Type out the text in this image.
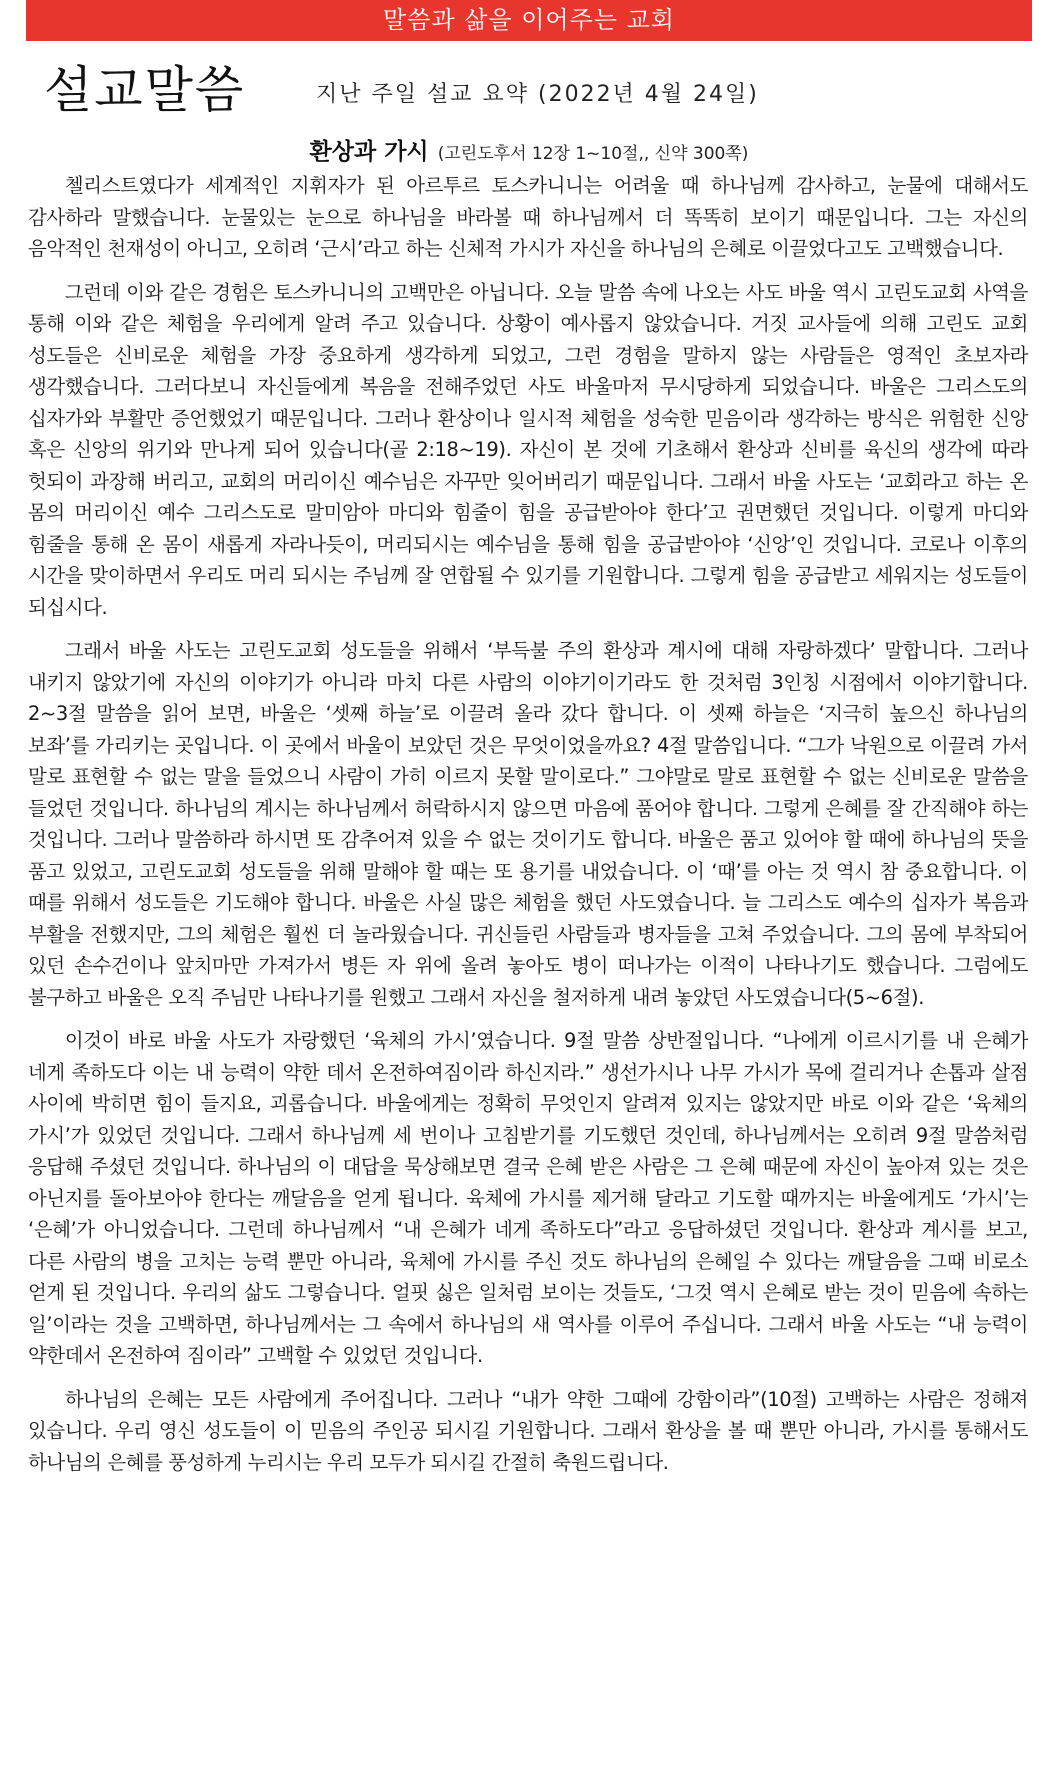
말씀과 삶을 이어주는 교회
설교말씀	지난 주일 설교 요약 (2022년 4월 24일)
환상과 가시 (고린도후서 12장 1~10절,, 신약 300쪽)

첼리스트였다가 세계적인 지휘자가 된 아르투르 토스카니니는 어려울 때 하나님께 감사하고, 눈물에 대해서도 감사하라 말했습니다. 눈물있는 눈으로 하나님을 바라볼 때 하나님께서 더 똑똑히 보이기 때문입니다. 그는 자신의 음악적인 천재성이 아니고, 오히려 ‘근시’라고 하는 신체적 가시가 자신을 하나님의 은혜로 이끌었다고도 고백했습니다.

그런데 이와 같은 경험은 토스카니니의 고백만은 아닙니다. 오늘 말씀 속에 나오는 사도 바울 역시 고린도교회 사역을 통해 이와 같은 체험을 우리에게 알려 주고 있습니다. 상황이 예사롭지 않았습니다. 거짓 교사들에 의해 고린도 교회 성도들은 신비로운 체험을 가장 중요하게 생각하게 되었고, 그런 경험을 말하지 않는 사람들은 영적인 초보자라 생각했습니다. 그러다보니 자신들에게 복음을 전해주었던 사도 바울마저 무시당하게 되었습니다. 바울은 그리스도의 십자가와 부활만 증언했었기 때문입니다. 그러나 환상이나 일시적 체험을 성숙한 믿음이라 생각하는 방식은 위험한 신앙 혹은 신앙의 위기와 만나게 되어 있습니다(골 2:18~19). 자신이 본 것에 기초해서 환상과 신비를 육신의 생각에 따라 헛되이 과장해 버리고, 교회의 머리이신 예수님은 자꾸만 잊어버리기 때문입니다. 그래서 바울 사도는 ‘교회라고 하는 온 몸의 머리이신 예수 그리스도로 말미암아 마디와 힘줄이 힘을 공급받아야 한다’고 권면했던 것입니다. 이렇게 마디와 힘줄을 통해 온 몸이 새롭게 자라나듯이, 머리되시는 예수님을 통해 힘을 공급받아야 ‘신앙’인 것입니다. 코로나 이후의 시간을 맞이하면서 우리도 머리 되시는 주님께 잘 연합될 수 있기를 기원합니다. 그렇게 힘을 공급받고 세워지는 성도들이 되십시다.

그래서 바울 사도는 고린도교회 성도들을 위해서 ‘부득불 주의 환상과 계시에 대해 자랑하겠다’ 말합니다. 그러나 내키지 않았기에 자신의 이야기가 아니라 마치 다른 사람의 이야기이기라도 한 것처럼 3인칭 시점에서 이야기합니다. 2~3절 말씀을 읽어 보면, 바울은 ‘셋째 하늘’로 이끌려 올라 갔다 합니다. 이 셋째 하늘은 ‘지극히 높으신 하나님의 보좌’를 가리키는 곳입니다. 이 곳에서 바울이 보았던 것은 무엇이었을까요? 4절 말씀입니다. “그가 낙원으로 이끌려 가서 말로 표현할 수 없는 말을 들었으니 사람이 가히 이르지 못할 말이로다.” 그야말로 말로 표현할 수 없는 신비로운 말씀을 들었던 것입니다. 하나님의 계시는 하나님께서 허락하시지 않으면 마음에 품어야 합니다. 그렇게 은혜를 잘 간직해야 하는 것입니다. 그러나 말씀하라 하시면 또 감추어져 있을 수 없는 것이기도 합니다. 바울은 품고 있어야 할 때에 하나님의 뜻을 품고 있었고, 고린도교회 성도들을 위해 말해야 할 때는 또 용기를 내었습니다. 이 ‘때’를 아는 것 역시 참 중요합니다. 이 때를 위해서 성도들은 기도해야 합니다. 바울은 사실 많은 체험을 했던 사도였습니다. 늘 그리스도 예수의 십자가 복음과 부활을 전했지만, 그의 체험은 훨씬 더 놀라웠습니다. 귀신들린 사람들과 병자들을 고쳐 주었습니다. 그의 몸에 부착되어 있던 손수건이나 앞치마만 가져가서 병든 자 위에 올려 놓아도 병이 떠나가는 이적이 나타나기도 했습니다. 그럼에도 불구하고 바울은 오직 주님만 나타나기를 원했고 그래서 자신을 철저하게 내려 놓았던 사도였습니다(5~6절).

이것이 바로 바울 사도가 자랑했던 ‘육체의 가시’였습니다. 9절 말씀 상반절입니다. “나에게 이르시기를 내 은혜가 네게 족하도다 이는 내 능력이 약한 데서 온전하여짐이라 하신지라.” 생선가시나 나무 가시가 목에 걸리거나 손톱과 살점 사이에 박히면 힘이 들지요, 괴롭습니다. 바울에게는 정확히 무엇인지 알려져 있지는 않았지만 바로 이와 같은 ‘육체의 가시’가 있었던 것입니다. 그래서 하나님께 세 번이나 고침받기를 기도했던 것인데, 하나님께서는 오히려 9절 말씀처럼 응답해 주셨던 것입니다. 하나님의 이 대답을 묵상해보면 결국 은혜 받은 사람은 그 은혜 때문에 자신이 높아져 있는 것은 아닌지를 돌아보아야 한다는 깨달음을 얻게 됩니다. 육체에 가시를 제거해 달라고 기도할 때까지는 바울에게도 ‘가시’는 ‘은혜’가 아니었습니다. 그런데 하나님께서 “내 은혜가 네게 족하도다”라고 응답하셨던 것입니다. 환상과 계시를 보고, 다른 사람의 병을 고치는 능력 뿐만 아니라, 육체에 가시를 주신 것도 하나님의 은혜일 수 있다는 깨달음을 그때 비로소 얻게 된 것입니다. 우리의 삶도 그렇습니다. 얼핏 싫은 일처럼 보이는 것들도, ‘그것 역시 은혜로 받는 것이 믿음에 속하는 일’이라는 것을 고백하면, 하나님께서는 그 속에서 하나님의 새 역사를 이루어 주십니다. 그래서 바울 사도는 “내 능력이 약한데서 온전하여 짐이라” 고백할 수 있었던 것입니다.

하나님의 은혜는 모든 사람에게 주어집니다. 그러나 “내가 약한 그때에 강함이라”(10절) 고백하는 사람은 정해져 있습니다. 우리 영신 성도들이 이 믿음의 주인공 되시길 기원합니다. 그래서 환상을 볼 때 뿐만 아니라, 가시를 통해서도 하나님의 은혜를 풍성하게 누리시는 우리 모두가 되시길 간절히 축원드립니다.
